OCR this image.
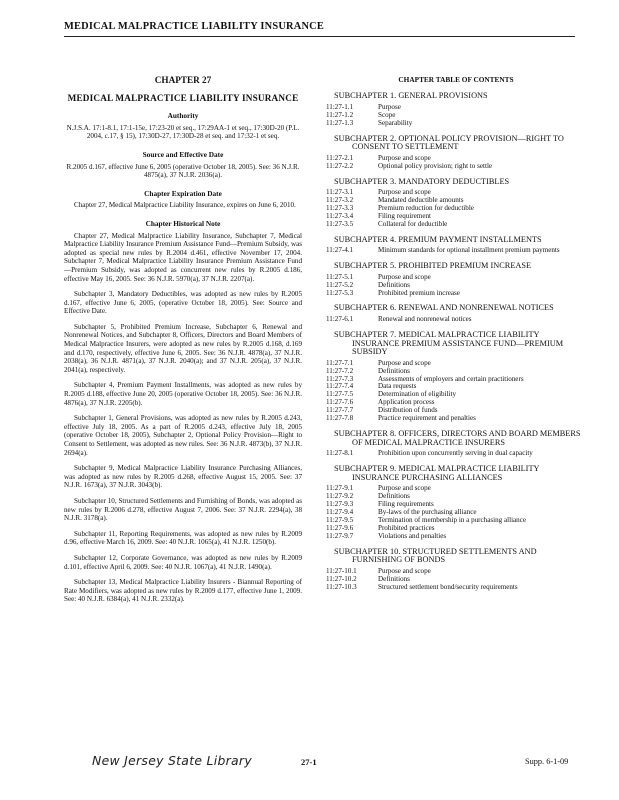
MEDICAL MALPRACTICE LIABILITY INSURANCE
CHAPTER 27
MEDICAL MALPRACTICE LIABILITY INSURANCE
Authority
N.J.S.A. 17:1-8.1, 17:1-15e, 17:23-20 et seq., 17:29AA-1 et seq., 17:30D-20 (P.L. 2004, c.17, § 15), 17:30D-27, 17:30D-28 et seq. and 17:32-1 et seq.
Source and Effective Date
R.2005 d.167, effective June 6, 2005 (operative October 18, 2005). See: 36 N.J.R. 4875(a), 37 N.J.R. 2036(a).
Chapter Expiration Date
Chapter 27, Medical Malpractice Liability Insurance, expires on June 6, 2010.
Chapter Historical Note

Chapter 27, Medical Malpractice Liability Insurance, Subchapter 7, Medical Malpractice Liability Insurance Premium Assistance Fund—Premium Subsidy, was adopted as special new rules by R.2004 d.461, effective November 17, 2004. Subchapter 7, Medical Malpractice Liability Insurance Premium Assistance Fund—Premium Subsidy, was adopted as concurrent new rules by R.2005 d.186, effective May 16, 2005. See: 36 N.J.R. 5970(a), 37 N.J.R. 2207(a).

Subchapter 3, Mandatory Deductibles, was adopted as new rules by R.2005 d.167, effective June 6, 2005, (operative October 18, 2005). See: Source and Effective Date.

Subchapter 5, Prohibited Premium Increase, Subchapter 6, Renewal and Nonrenewal Notices, and Subchapter 8, Officers, Directors and Board Members of Medical Malpractice Insurers, were adopted as new rules by R.2005 d.168, d.169 and d.170, respectively, effective June 6, 2005. See: 36 N.J.R. 4878(a), 37 N.J.R. 2038(a), 36 N.J.R. 4871(a), 37 N.J.R. 2040(a); and 37 N.J.R. 205(a), 37 N.J.R. 2041(a), respectively.

Subchapter 4, Premium Payment Installments, was adopted as new rules by R.2005 d.188, effective June 20, 2005 (operative October 18, 2005). See: 36 N.J.R. 4876(a), 37 N.J.R. 2205(b).

Subchapter 1, General Provisions, was adopted as new rules by R.2005 d.243, effective July 18, 2005. As a part of R.2005 d.243, effective July 18, 2005 (operative October 18, 2005), Subchapter 2, Optional Policy Provision—Right to Consent to Settlement, was adopted as new rules. See: 36 N.J.R. 4873(b), 37 N.J.R. 2694(a).

Subchapter 9, Medical Malpractice Liability Insurance Purchasing Alliances, was adopted as new rules by R.2005 d.268, effective August 15, 2005. See: 37 N.J.R. 1673(a), 37 N.J.R. 3043(b).

Subchapter 10, Structured Settlements and Furnishing of Bonds, was adopted as new rules by R.2006 d.278, effective August 7, 2006. See: 37 N.J.R. 2294(a), 38 N.J.R. 3178(a).

Subchapter 11, Reporting Requirements, was adopted as new rules by R.2009 d.96, effective March 16, 2009. See: 40 N.J.R. 1065(a), 41 N.J.R. 1250(b).

Subchapter 12, Corporate Governance, was adopted as new rules by R.2009 d.101, effective April 6, 2009. See: 40 N.J.R. 1067(a), 41 N.J.R. 1490(a).

Subchapter 13, Medical Malpractice Liability Insurers - Biannual Reporting of Rate Modifiers, was adopted as new rules by R.2009 d.177, effective June 1, 2009. See: 40 N.J.R. 6384(a), 41 N.J.R. 2332(a).

CHAPTER TABLE OF CONTENTS
SUBCHAPTER 1. GENERAL PROVISIONS
11:27-1.1	Purpose
11:27-1.2	Scope
11:27-1.3	Separability
SUBCHAPTER 2. OPTIONAL POLICY PROVISION—RIGHT TO CONSENT TO SETTLEMENT
11:27-2.1	Purpose and scope
11:27-2.2	Optional policy provision; right to settle
SUBCHAPTER 3. MANDATORY DEDUCTIBLES
11:27-3.1	Purpose and scope
11:27-3.2	Mandated deductible amounts
11:27-3.3	Premium reduction for deductible
11:27-3.4	Filing requirement
11:27-3.5	Collateral for deductible
SUBCHAPTER 4. PREMIUM PAYMENT INSTALLMENTS
11:27-4.1	Minimum standards for optional installment premium payments
SUBCHAPTER 5. PROHIBITED PREMIUM INCREASE
11:27-5.1	Purpose and scope
11:27-5.2	Definitions
11:27-5.3	Prohibited premium increase
SUBCHAPTER 6. RENEWAL AND NONRENEWAL NOTICES
11:27-6.1	Renewal and nonrenewal notices
SUBCHAPTER 7. MEDICAL MALPRACTICE LIABILITY INSURANCE PREMIUM ASSISTANCE FUND—PREMIUM SUBSIDY
11:27-7.1	Purpose and scope
11:27-7.2	Definitions
11:27-7.3	Assessments of employers and certain practitioners
11:27-7.4	Data requests
11:27-7.5	Determination of eligibility
11:27-7.6	Application process
11:27-7.7	Distribution of funds
11:27-7.8	Practice requirement and penalties
SUBCHAPTER 8. OFFICERS, DIRECTORS AND BOARD MEMBERS OF MEDICAL MALPRACTICE INSURERS
11:27-8.1	Prohibition upon concurrently serving in dual capacity
SUBCHAPTER 9. MEDICAL MALPRACTICE LIABILITY INSURANCE PURCHASING ALLIANCES
11:27-9.1	Purpose and scope
11:27-9.2	Definitions
11:27-9.3	Filing requirements
11:27-9.4	By-laws of the purchasing alliance
11:27-9.5	Termination of membership in a purchasing alliance
11:27-9.6	Prohibited practices
11:27-9.7	Violations and penalties
SUBCHAPTER 10. STRUCTURED SETTLEMENTS AND FURNISHING OF BONDS
11:27-10.1	Purpose and scope
11:27-10.2	Definitions
11:27-10.3	Structured settlement bond/security requirements
New Jersey State Library	27-1	Supp. 6-1-09
